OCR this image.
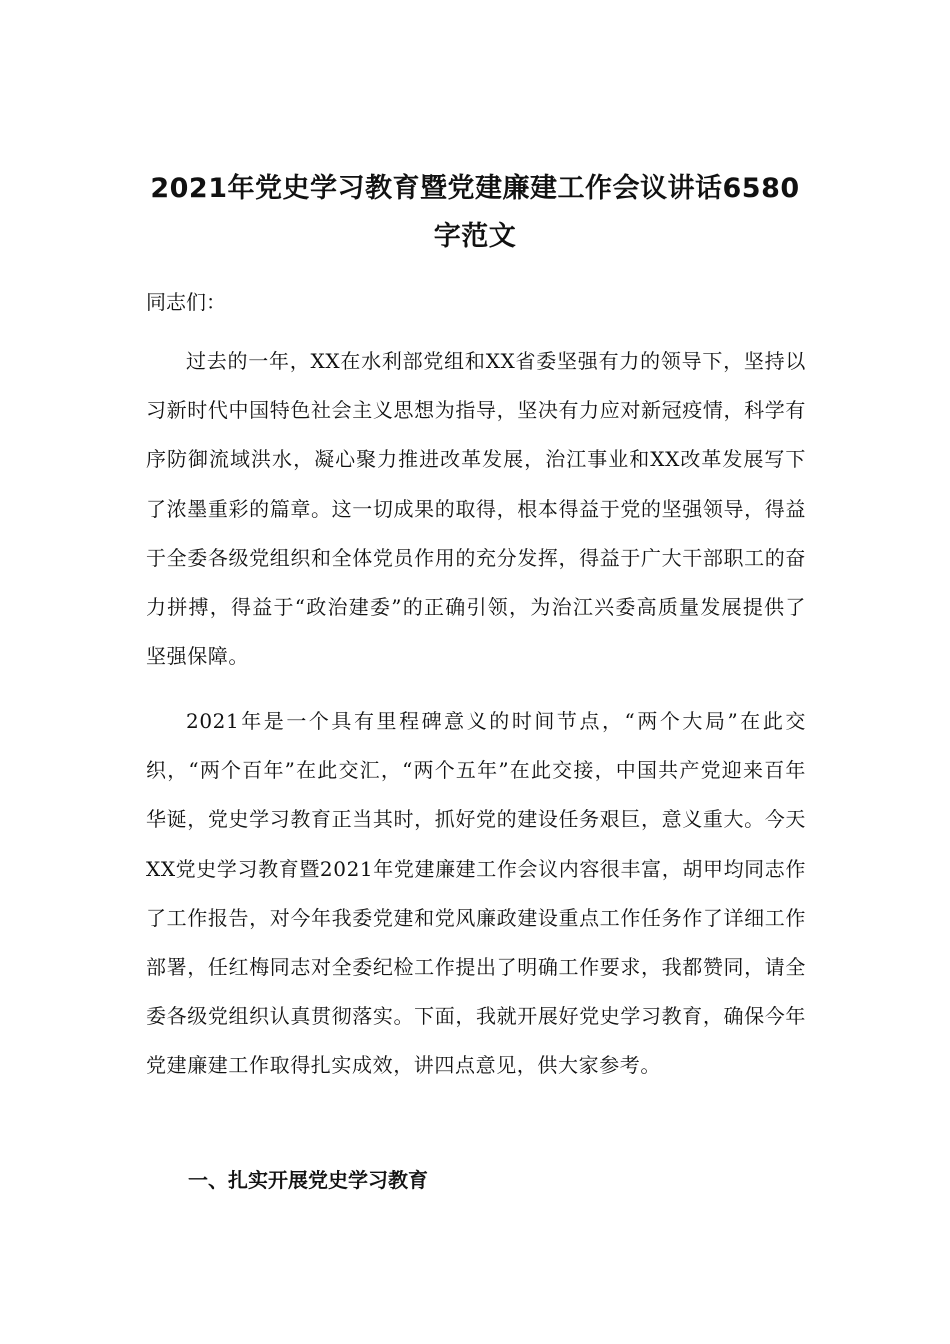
2021年党史学习教育暨党建廉建工作会议讲话6580字范文

同志们：

过去的一年，XX在水利部党组和XX省委坚强有力的领导下，坚持以习新时代中国特色社会主义思想为指导，坚决有力应对新冠疫情，科学有序防御流域洪水，凝心聚力推进改革发展，治江事业和XX改革发展写下了浓墨重彩的篇章。这一切成果的取得，根本得益于党的坚强领导，得益于全委各级党组织和全体党员作用的充分发挥，得益于广大干部职工的奋力拼搏，得益于“政治建委”的正确引领，为治江兴委高质量发展提供了坚强保障。

2021年是一个具有里程碑意义的时间节点，“两个大局”在此交织，“两个百年”在此交汇，“两个五年”在此交接，中国共产党迎来百年华诞，党史学习教育正当其时，抓好党的建设任务艰巨，意义重大。今天XX党史学习教育暨2021年党建廉建工作会议内容很丰富，胡甲均同志作了工作报告，对今年我委党建和党风廉政建设重点工作任务作了详细工作部署，任红梅同志对全委纪检工作提出了明确工作要求，我都赞同，请全委各级党组织认真贯彻落实。下面，我就开展好党史学习教育，确保今年党建廉建工作取得扎实成效，讲四点意见，供大家参考。

一、扎实开展党史学习教育
